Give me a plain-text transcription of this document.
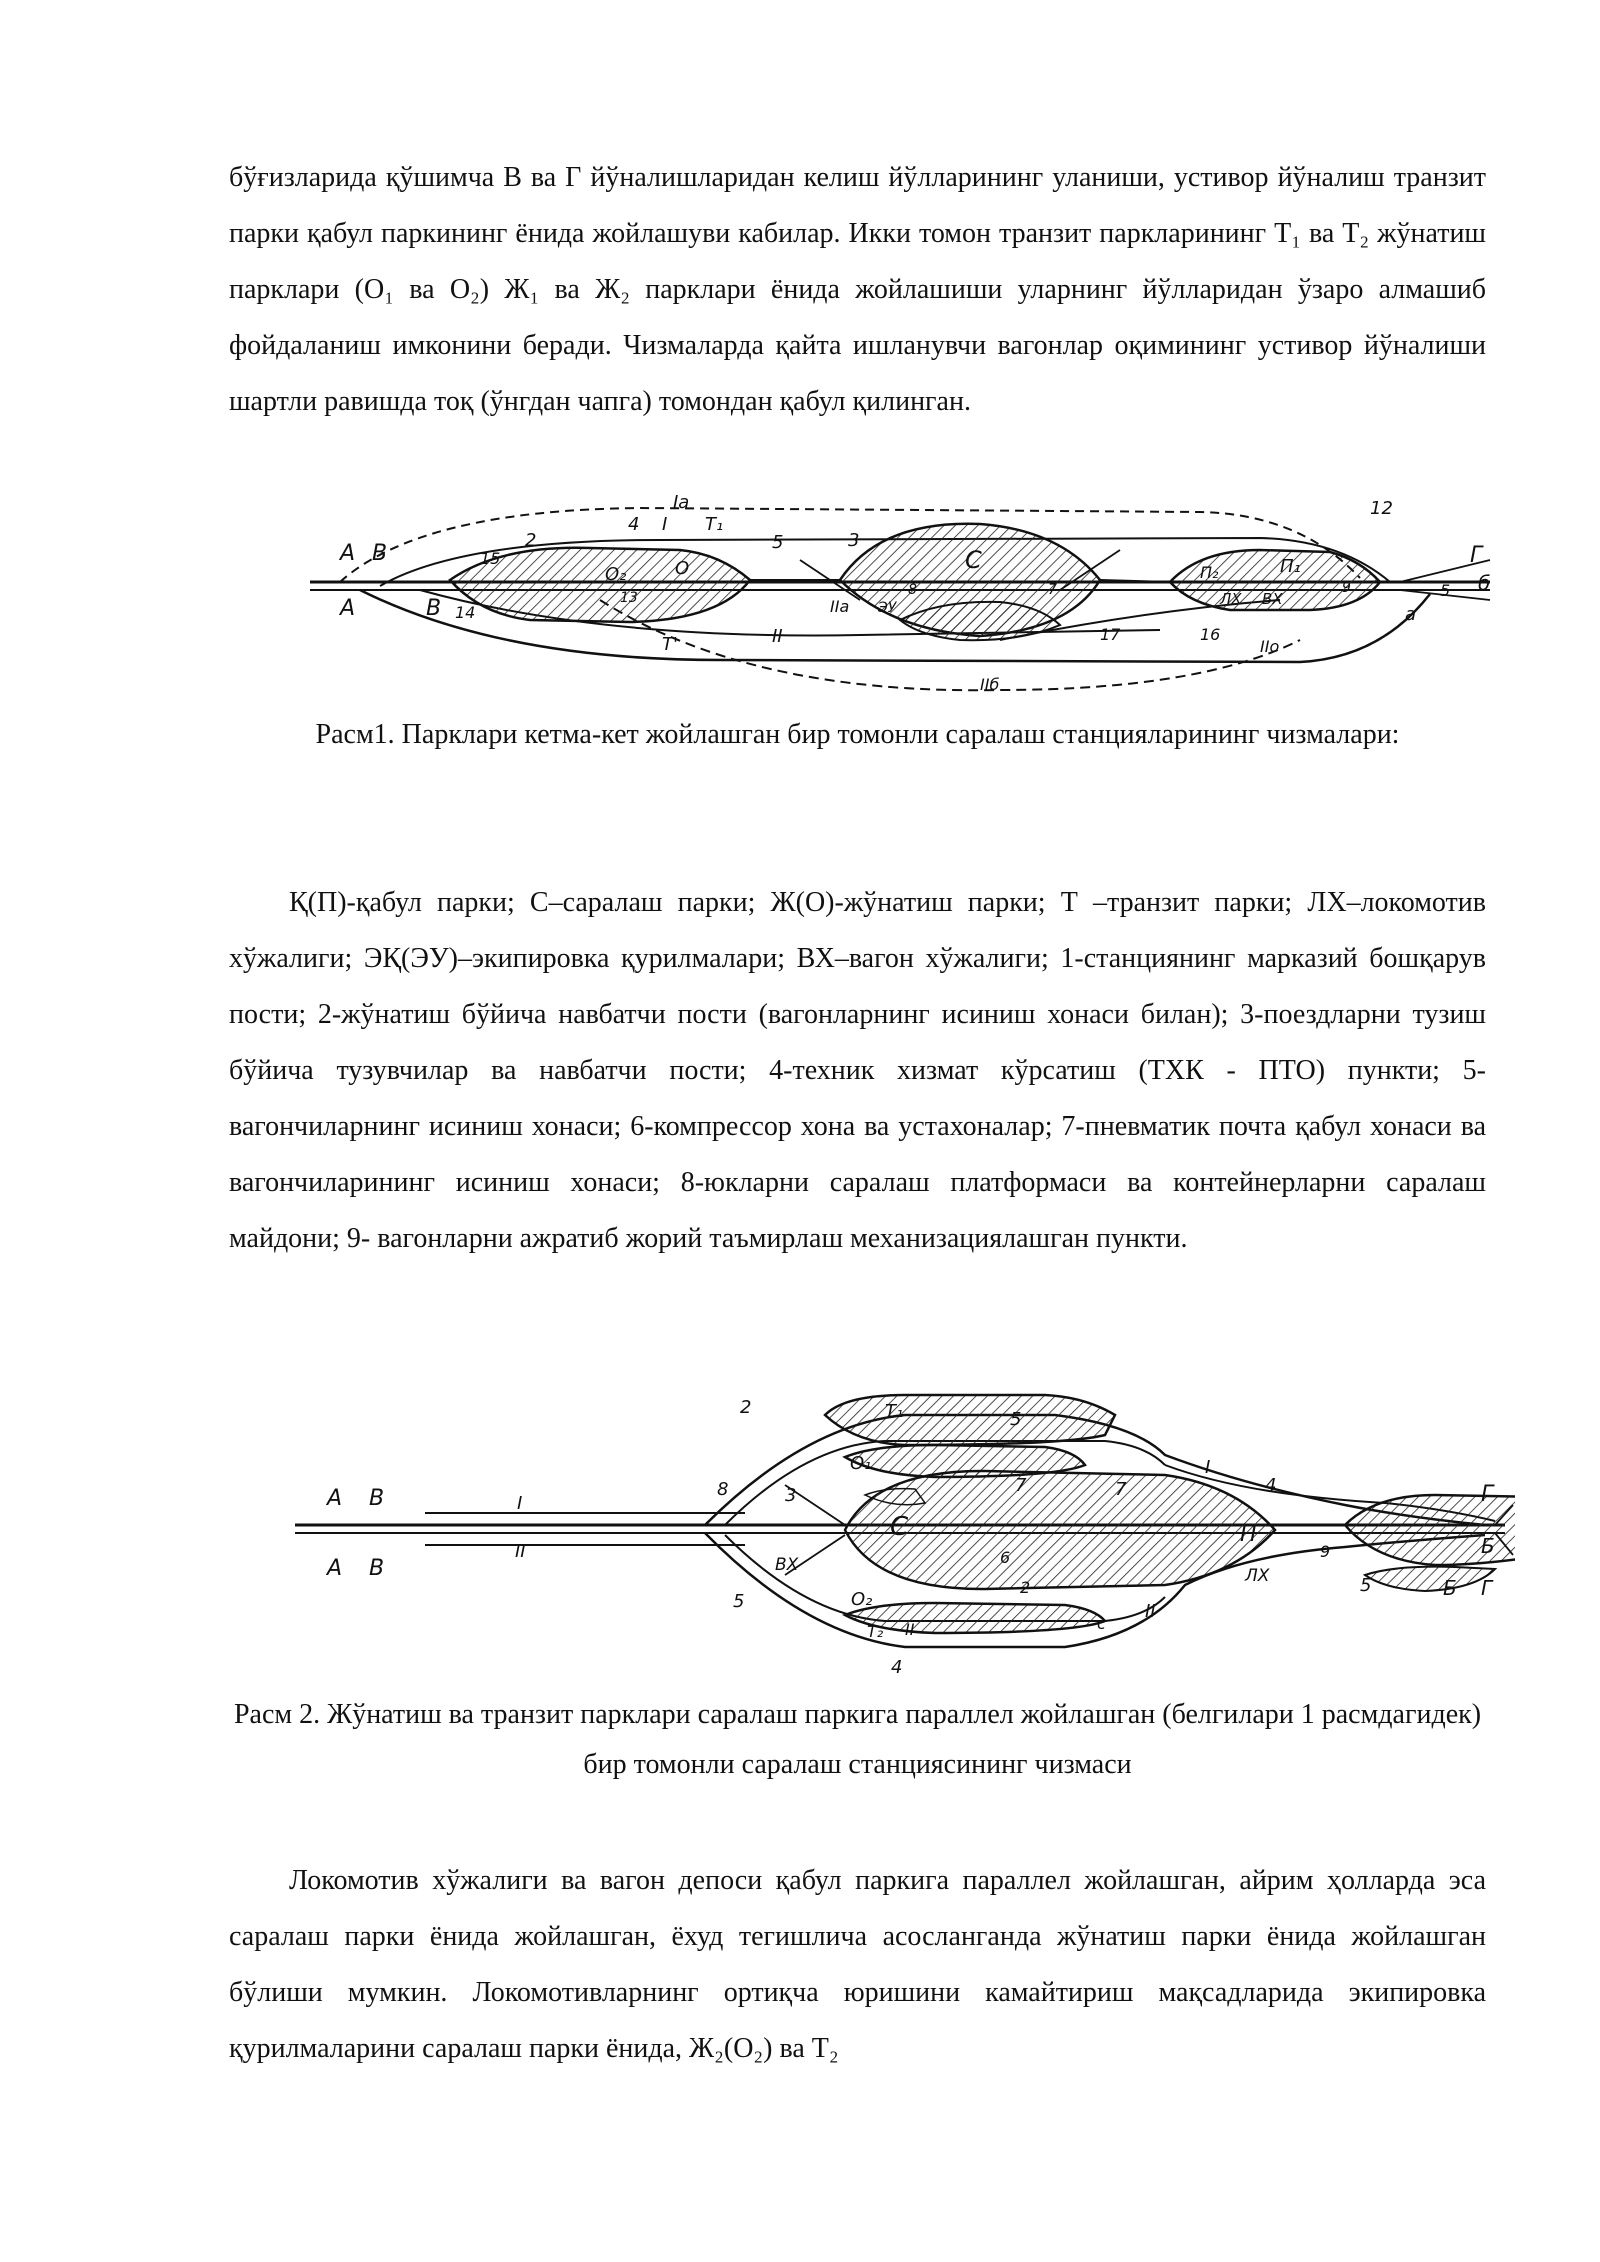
бўғизларида қўшимча В ва Г йўналишларидан келиш йўлларининг уланиши, устивор йўналиш транзит парки қабул паркининг ёнида жойлашуви кабилар. Икки томон транзит паркларининг Т₁ ва Т₂ жўнатиш парклари (О₁ ва О₂) Ж₁ ва Ж₂ парклари ёнида жойлашиши уларнинг йўлларидан ўзаро алмашиб фойдаланиш имконини беради. Чизмаларда қайта ишланувчи вагонлар оқимининг устивор йўналиши шартли равишда тоқ (ўнгдан чапга) томондан қабул қилинган.

А В
А	В
Г
б
Iа
4 I Т₁
2
15
14
5	3
О
О₂
13
С
Т'	II
IIа ЭУ
IIб
П₂	П₁
ЛХ ВХ
12
16
17
IIо
а
9
7
8	5

Расм1. Парклари кетма-кет жойлашган бир томонли саралаш станцияларининг чизмалари:

Қ(П)-қабул парки; С–саралаш парки; Ж(О)-жўнатиш парки; Т –транзит парки; ЛХ–локомотив хўжалиги; ЭҚ(ЭУ)–экипировка қурилмалари; ВХ–вагон хўжалиги; 1-станциянинг марказий бошқарув пости; 2-жўнатиш бўйича навбатчи пости (вагонларнинг исиниш хонаси билан); 3-поездларни тузиш бўйича тузувчилар ва навбатчи пости; 4-техник хизмат кўрсатиш (ТХК - ПТО) пункти; 5-вагончиларнинг исиниш хонаси; 6-компрессор хона ва устахоналар; 7-пневматик почта қабул хонаси ва вагончиларининг исиниш хонаси; 8-юкларни саралаш платформаси ва контейнерларни саралаш майдони; 9- вагонларни ажратиб жорий таъмирлаш механизациялашган пункти.

А В
А В
I
II
2	Т₁	5
О₁
8	3
С
7
I
4
7
П
Г
Б
Б Г
ВХ	6
ЛХ
9
5
5	О₂
2
II
Т₂ II
4
с

Расм 2. Жўнатиш ва транзит парклари саралаш паркига параллел жойлашган (белгилари 1 расмдагидек) бир томонли саралаш станциясининг чизмаси

Локомотив хўжалиги ва вагон депоси қабул паркига параллел жойлашган, айрим ҳолларда эса саралаш парки ёнида жойлашган, ёхуд тегишлича асосланганда жўнатиш парки ёнида жойлашган бўлиши мумкин. Локомотивларнинг ортиқча юришини камайтириш мақсадларида экипировка қурилмаларини саралаш парки ёнида, Ж₂(О₂) ва Т₂
